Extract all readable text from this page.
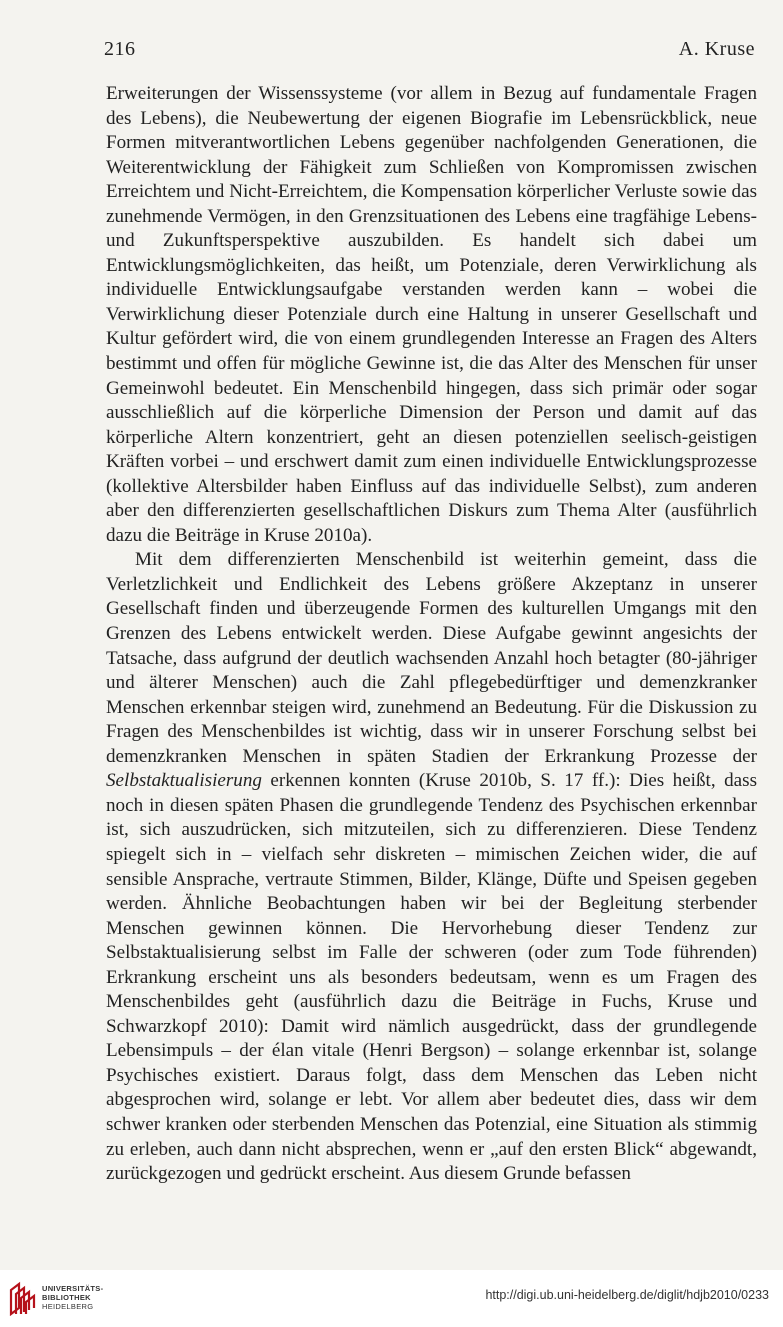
216	A. Kruse

Erweiterungen der Wissenssysteme (vor allem in Bezug auf fundamentale Fragen des Lebens), die Neubewertung der eigenen Biografie im Lebensrückblick, neue Formen mitverantwortlichen Lebens gegenüber nachfolgenden Generationen, die Weiterentwicklung der Fähigkeit zum Schließen von Kompromissen zwischen Erreichtem und Nicht-Erreichtem, die Kompensation körperlicher Verluste sowie das zunehmende Vermögen, in den Grenzsituationen des Lebens eine tragfähige Lebens- und Zukunftsperspektive auszubilden. Es handelt sich dabei um Entwicklungsmöglichkeiten, das heißt, um Potenziale, deren Verwirklichung als individuelle Entwicklungsaufgabe verstanden werden kann – wobei die Verwirklichung dieser Potenziale durch eine Haltung in unserer Gesellschaft und Kultur gefördert wird, die von einem grundlegenden Interesse an Fragen des Alters bestimmt und offen für mögliche Gewinne ist, die das Alter des Menschen für unser Gemeinwohl bedeutet. Ein Menschenbild hingegen, dass sich primär oder sogar ausschließlich auf die körperliche Dimension der Person und damit auf das körperliche Altern konzentriert, geht an diesen potenziellen seelisch-geistigen Kräften vorbei – und erschwert damit zum einen individuelle Entwicklungsprozesse (kollektive Altersbilder haben Einfluss auf das individuelle Selbst), zum anderen aber den differenzierten gesellschaftlichen Diskurs zum Thema Alter (ausführlich dazu die Beiträge in Kruse 2010a).

Mit dem differenzierten Menschenbild ist weiterhin gemeint, dass die Verletzlichkeit und Endlichkeit des Lebens größere Akzeptanz in unserer Gesellschaft finden und überzeugende Formen des kulturellen Umgangs mit den Grenzen des Lebens entwickelt werden. Diese Aufgabe gewinnt angesichts der Tatsache, dass aufgrund der deutlich wachsenden Anzahl hoch betagter (80-jähriger und älterer Menschen) auch die Zahl pflegebedürftiger und demenzkranker Menschen erkennbar steigen wird, zunehmend an Bedeutung. Für die Diskussion zu Fragen des Menschenbildes ist wichtig, dass wir in unserer Forschung selbst bei demenzkranken Menschen in späten Stadien der Erkrankung Prozesse der Selbstaktualisierung erkennen konnten (Kruse 2010b, S. 17 ff.): Dies heißt, dass noch in diesen späten Phasen die grundlegende Tendenz des Psychischen erkennbar ist, sich auszudrücken, sich mitzuteilen, sich zu differenzieren. Diese Tendenz spiegelt sich in – vielfach sehr diskreten – mimischen Zeichen wider, die auf sensible Ansprache, vertraute Stimmen, Bilder, Klänge, Düfte und Speisen gegeben werden. Ähnliche Beobachtungen haben wir bei der Begleitung sterbender Menschen gewinnen können. Die Hervorhebung dieser Tendenz zur Selbstaktualisierung selbst im Falle der schweren (oder zum Tode führenden) Erkrankung erscheint uns als besonders bedeutsam, wenn es um Fragen des Menschenbildes geht (ausführlich dazu die Beiträge in Fuchs, Kruse und Schwarzkopf 2010): Damit wird nämlich ausgedrückt, dass der grundlegende Lebensimpuls – der élan vitale (Henri Bergson) – solange erkennbar ist, solange Psychisches existiert. Daraus folgt, dass dem Menschen das Leben nicht abgesprochen wird, solange er lebt. Vor allem aber bedeutet dies, dass wir dem schwer kranken oder sterbenden Menschen das Potenzial, eine Situation als stimmig zu erleben, auch dann nicht absprechen, wenn er „auf den ersten Blick“ abgewandt, zurückgezogen und gedrückt erscheint. Aus diesem Grunde befassen

UNIVERSITÄTS-
BIBLIOTHEK
HEIDELBERG
http://digi.ub.uni-heidelberg.de/diglit/hdjb2010/0233
